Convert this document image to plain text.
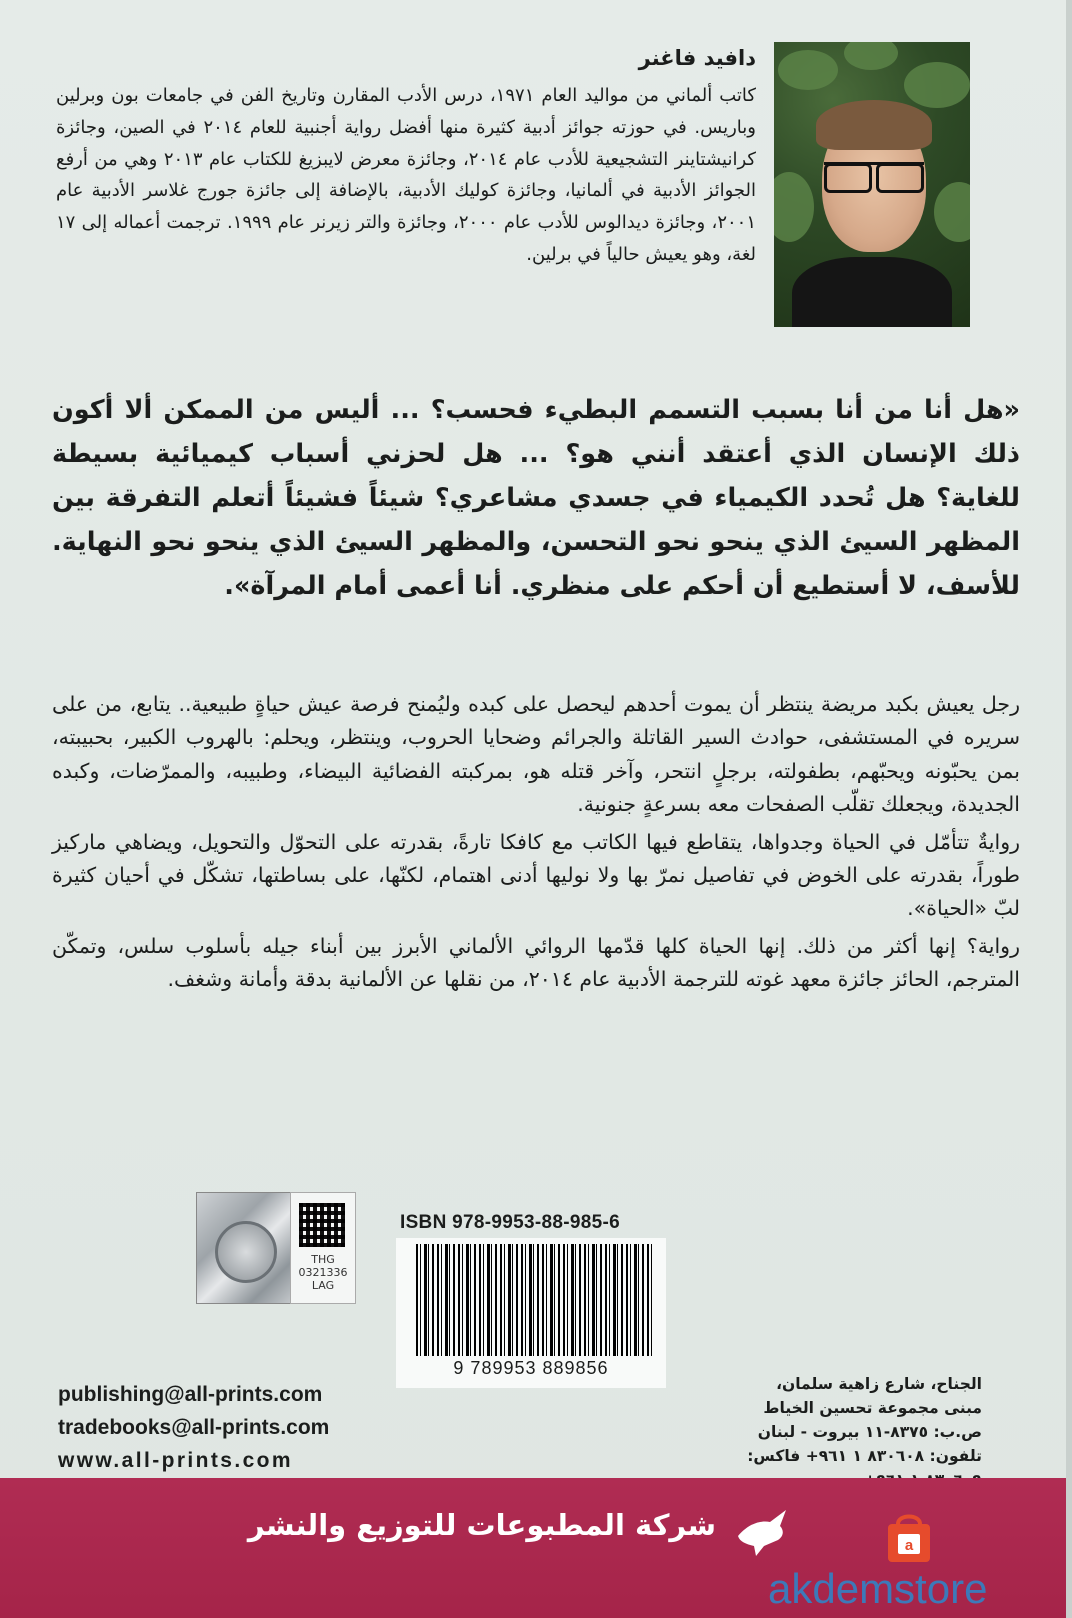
دافيد فاغنر

كاتب ألماني من مواليد العام ١٩٧١، درس الأدب المقارن وتاريخ الفن في جامعات بون وبرلين وباريس. في حوزته جوائز أدبية كثيرة منها أفضل رواية أجنبية للعام ٢٠١٤ في الصين، وجائزة كرانيشتاينر التشجيعية للأدب عام ٢٠١٤، وجائزة معرض لايبزيغ للكتاب عام ٢٠١٣ وهي من أرفع الجوائز الأدبية في ألمانيا، وجائزة كوليك الأدبية، بالإضافة إلى جائزة جورج غلاسر الأدبية عام ٢٠٠١، وجائزة ديدالوس للأدب عام ٢٠٠٠، وجائزة والتر زيرنر عام ١٩٩٩. ترجمت أعماله إلى ١٧ لغة، وهو يعيش حالياً في برلين.

«هل أنا من أنا بسبب التسمم البطيء فحسب؟ ... أليس من الممكن ألا أكون ذلك الإنسان الذي أعتقد أنني هو؟ ... هل لحزني أسباب كيميائية بسيطة للغاية؟ هل تُحدد الكيمياء في جسدي مشاعري؟ شيئاً فشيئاً أتعلم التفرقة بين المظهر السيئ الذي ينحو نحو التحسن، والمظهر السيئ الذي ينحو نحو النهاية. للأسف، لا أستطيع أن أحكم على منظري. أنا أعمى أمام المرآة».

رجل يعيش بكبد مريضة ينتظر أن يموت أحدهم ليحصل على كبده وليُمنح فرصة عيش حياةٍ طبيعية.. يتابع، من على سريره في المستشفى، حوادث السير القاتلة والجرائم وضحايا الحروب، وينتظر، ويحلم: بالهروب الكبير، بحبيبته، بمن يحبّونه ويحبّهم، بطفولته، برجلٍ انتحر، وآخر قتله هو، بمركبته الفضائية البيضاء، وطبيبه، والممرّضات، وكبده الجديدة، ويجعلك تقلّب الصفحات معه بسرعةٍ جنونية.

روايةٌ تتأمّل في الحياة وجدواها، يتقاطع فيها الكاتب مع كافكا تارةً، بقدرته على التحوّل والتحويل، ويضاهي ماركيز طوراً، بقدرته على الخوض في تفاصيل نمرّ بها ولا نوليها أدنى اهتمام، لكنّها، على بساطتها، تشكّل في أحيان كثيرة لبّ «الحياة».

رواية؟ إنها أكثر من ذلك. إنها الحياة كلها قدّمها الروائي الألماني الأبرز بين أبناء جيله بأسلوب سلس، وتمكّن المترجم، الحائز جائزة معهد غوته للترجمة الأدبية عام ٢٠١٤، من نقلها عن الألمانية بدقة وأمانة وشغف.

THG
0321336
LAG

ISBN 978-9953-88-985-6

9 789953 889856

الجناح، شارع زاهية سلمان،
مبنى مجموعة تحسين الخياط
ص.ب: ٨٣٧٥-١١ بيروت - لبنان
تلفون: ٨٣٠٦٠٨ ١ ٩٦١+ فاكس:

publishing@all-prints.com
tradebooks@all-prints.com
www.all-prints.com

شركة المطبوعات للتوزيع والنشر

a

akdemstore
